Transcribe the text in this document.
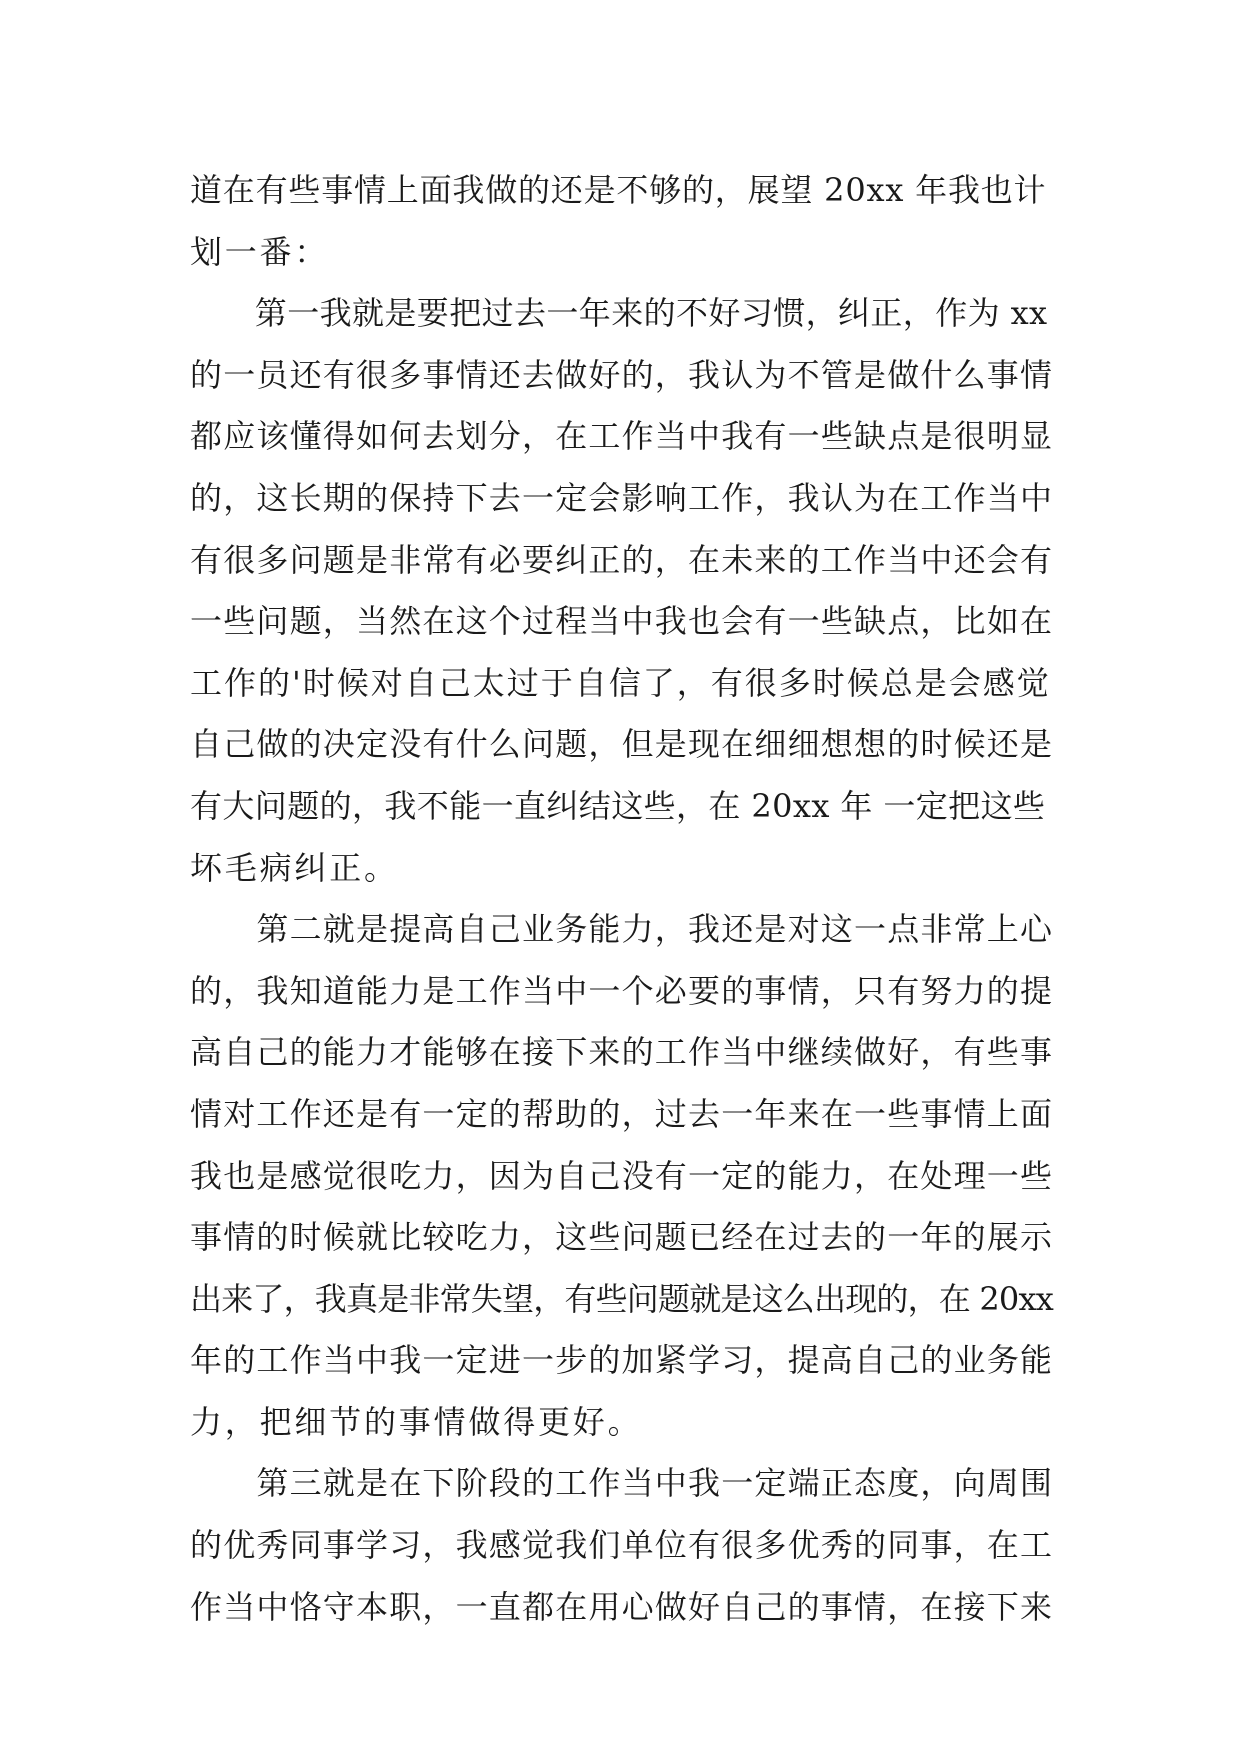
道在有些事情上面我做的还是不够的，展望 20xx 年我也计
划一番：
　　第一我就是要把过去一年来的不好习惯，纠正，作为 xx
的一员还有很多事情还去做好的，我认为不管是做什么事情
都应该懂得如何去划分，在工作当中我有一些缺点是很明显
的，这长期的保持下去一定会影响工作，我认为在工作当中
有很多问题是非常有必要纠正的，在未来的工作当中还会有
一些问题，当然在这个过程当中我也会有一些缺点，比如在
工作的'时候对自己太过于自信了，有很多时候总是会感觉
自己做的决定没有什么问题，但是现在细细想想的时候还是
有大问题的，我不能一直纠结这些，在 20xx 年 一定把这些
坏毛病纠正。
　　第二就是提高自己业务能力，我还是对这一点非常上心
的，我知道能力是工作当中一个必要的事情，只有努力的提
高自己的能力才能够在接下来的工作当中继续做好，有些事
情对工作还是有一定的帮助的，过去一年来在一些事情上面
我也是感觉很吃力，因为自己没有一定的能力，在处理一些
事情的时候就比较吃力，这些问题已经在过去的一年的展示
出来了，我真是非常失望，有些问题就是这么出现的，在 20xx
年的工作当中我一定进一步的加紧学习，提高自己的业务能
力，把细节的事情做得更好。
　　第三就是在下阶段的工作当中我一定端正态度，向周围
的优秀同事学习，我感觉我们单位有很多优秀的同事，在工
作当中恪守本职，一直都在用心做好自己的事情，在接下来
